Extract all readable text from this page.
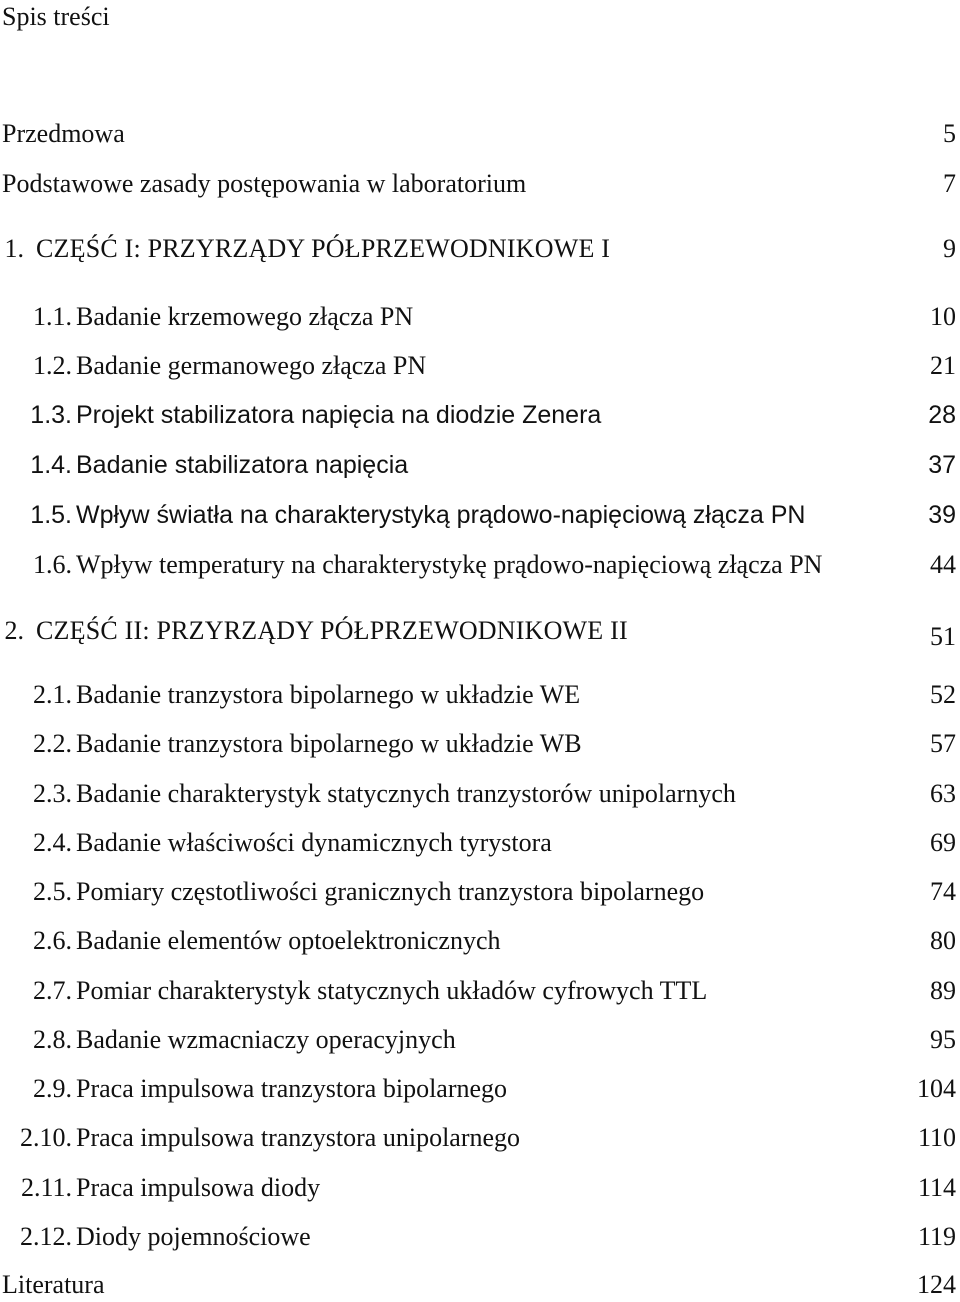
Spis treści
Przedmowa	5
Podstawowe zasady postępowania w laboratorium	7
1. CZĘŚĆ I: PRZYRZĄDY PÓŁPRZEWODNIKOWE I	9
1.1. Badanie krzemowego złącza PN	10
1.2. Badanie germanowego złącza PN	21
1.3. Projekt stabilizatora napięcia na diodzie Zenera	28
1.4. Badanie stabilizatora napięcia	37
1.5. Wpływ światła na charakterystyką prądowo-napięciową złącza PN	39
1.6. Wpływ temperatury na charakterystykę prądowo-napięciową złącza PN	44
2. CZĘŚĆ II: PRZYRZĄDY PÓŁPRZEWODNIKOWE II	51
2.1. Badanie tranzystora bipolarnego w układzie WE	52
2.2. Badanie tranzystora bipolarnego w układzie WB	57
2.3. Badanie charakterystyk statycznych tranzystorów unipolarnych	63
2.4. Badanie właściwości dynamicznych tyrystora	69
2.5. Pomiary częstotliwości granicznych tranzystora bipolarnego	74
2.6. Badanie elementów optoelektronicznych	80
2.7. Pomiar charakterystyk statycznych układów cyfrowych TTL	89
2.8. Badanie wzmacniaczy operacyjnych	95
2.9. Praca impulsowa tranzystora bipolarnego	104
2.10. Praca impulsowa tranzystora unipolarnego	110
2.11. Praca impulsowa diody	114
2.12. Diody pojemnościowe	119
Literatura	124
